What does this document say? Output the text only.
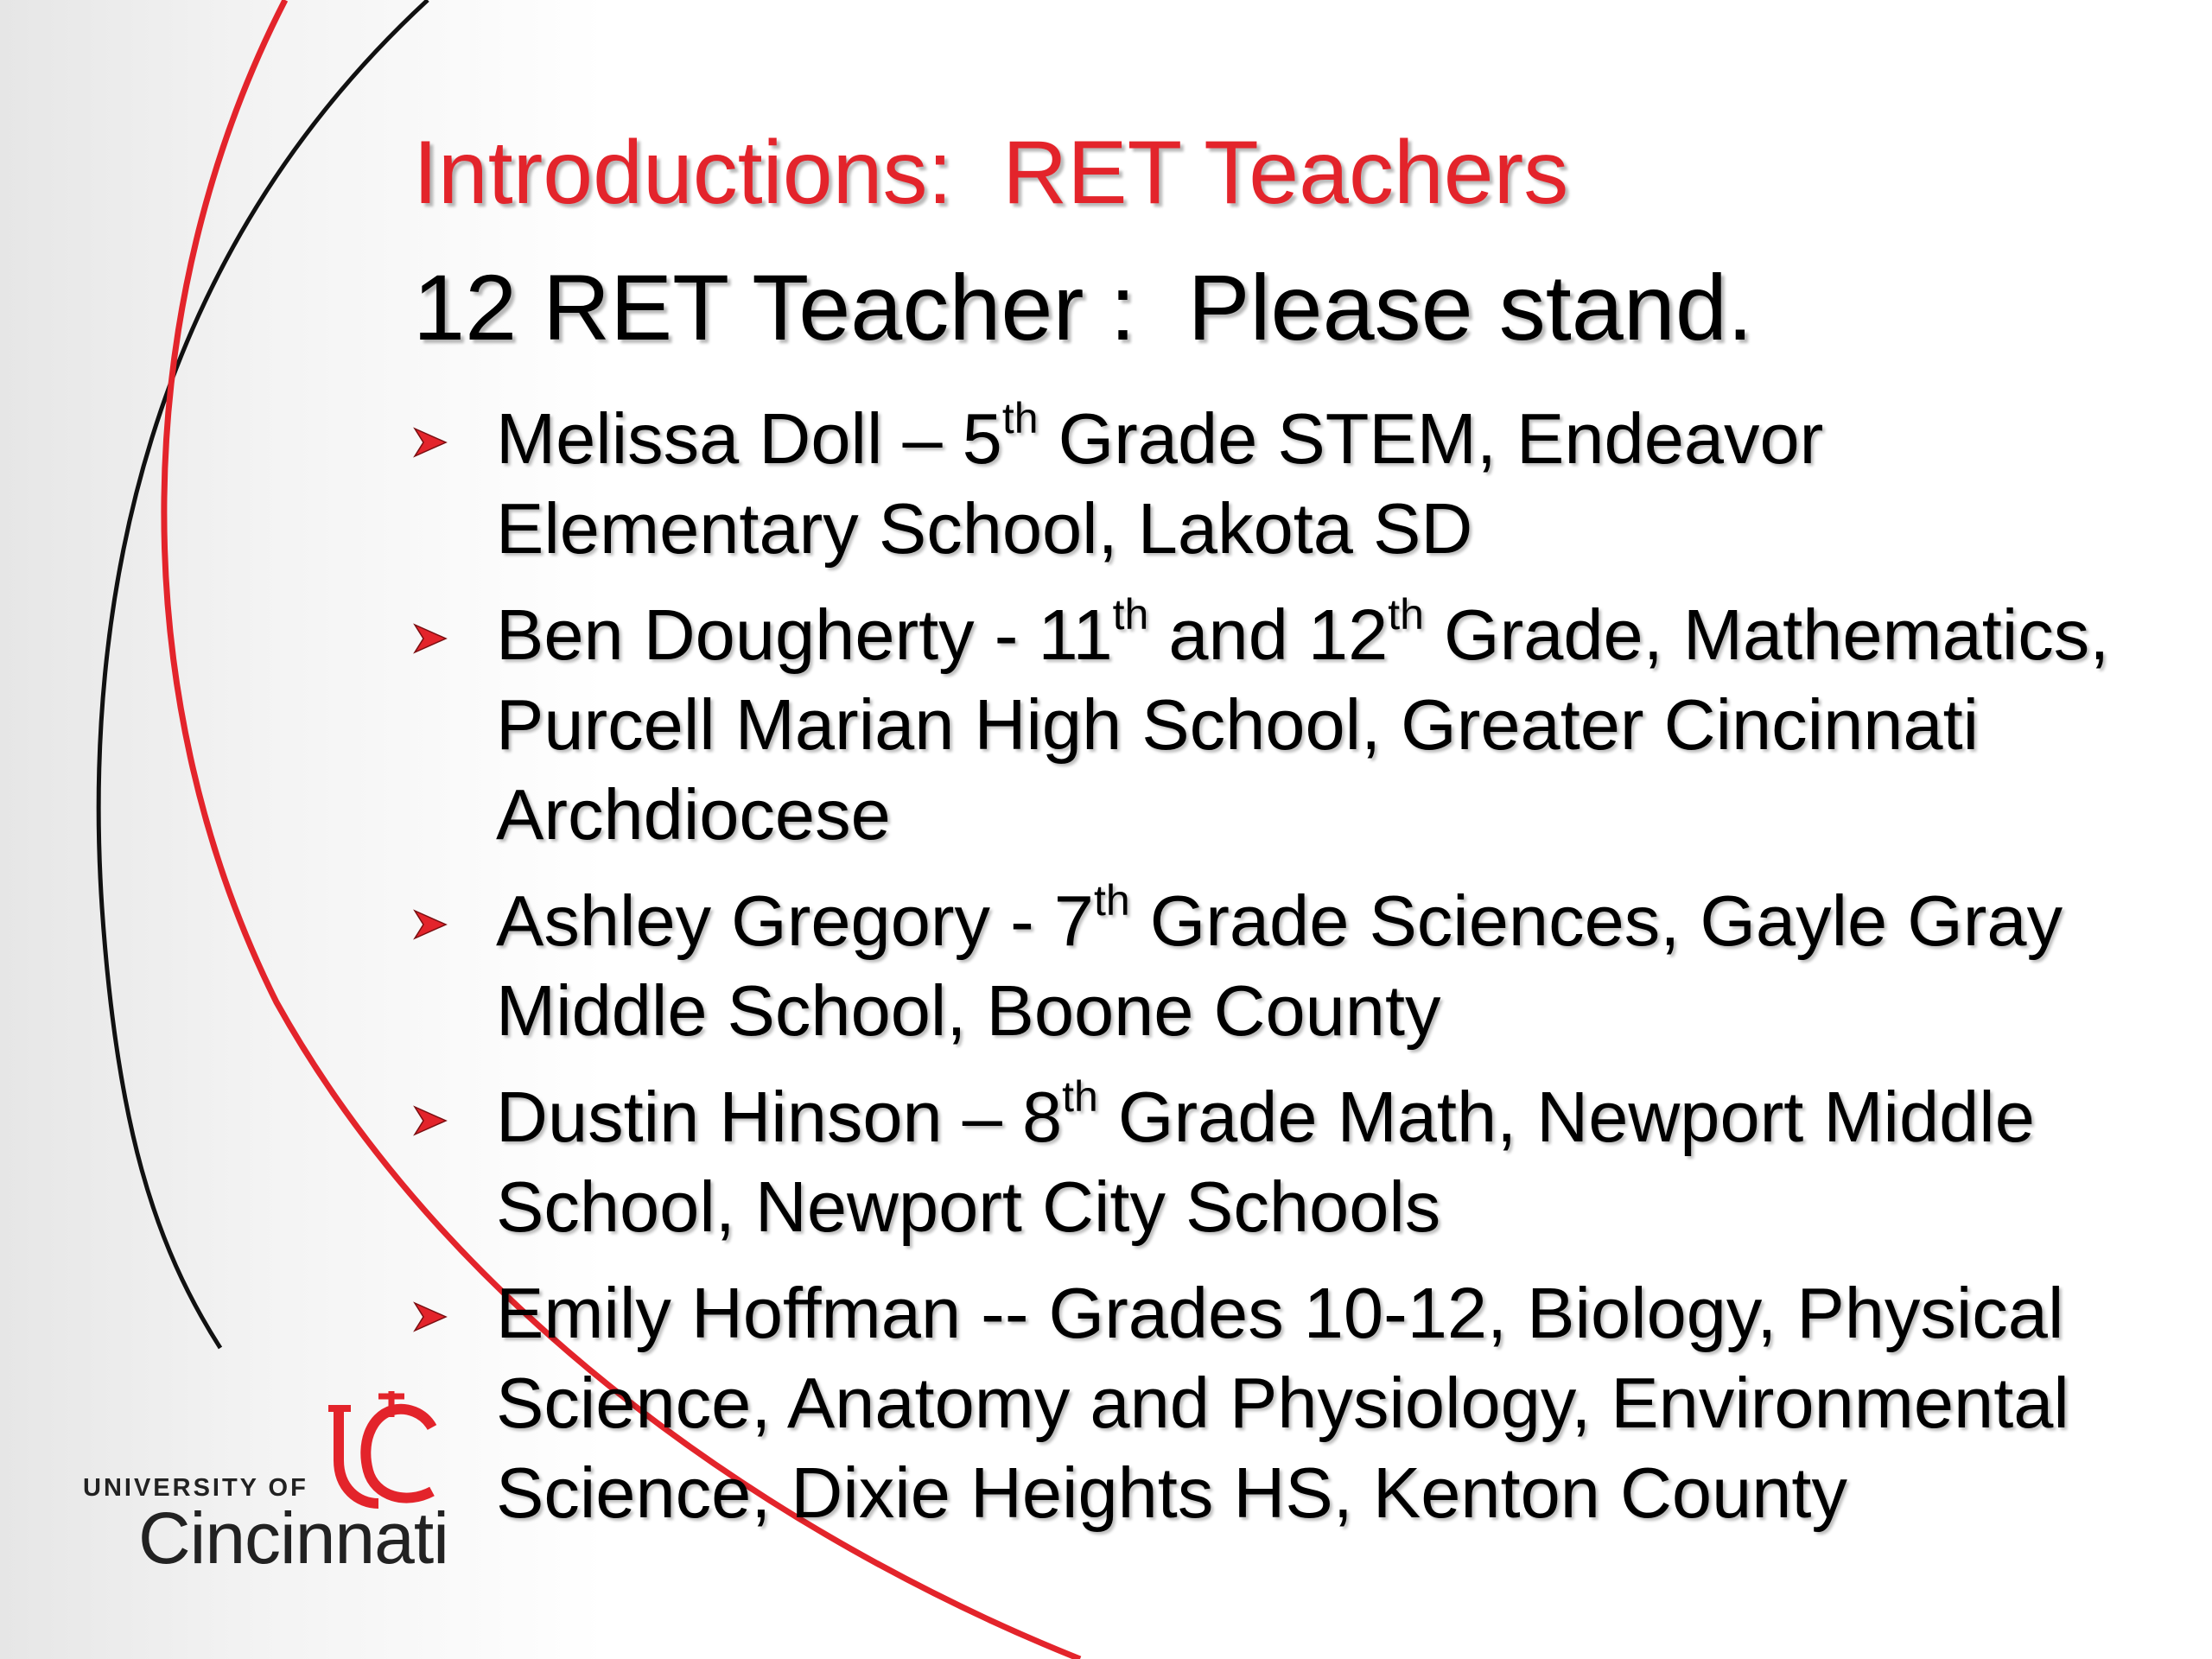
Introductions:  RET Teachers
12 RET Teacher :  Please stand.
Melissa Doll – 5th Grade STEM, Endeavor Elementary School, Lakota SD
Ben Dougherty - 11th and 12th Grade, Mathematics, Purcell Marian High School, Greater Cincinnati Archdiocese
Ashley Gregory - 7th Grade Sciences, Gayle Gray Middle School, Boone County
Dustin Hinson – 8th Grade Math, Newport Middle School, Newport City Schools
Emily Hoffman -- Grades 10-12, Biology, Physical Science, Anatomy and Physiology, Environmental Science, Dixie Heights HS, Kenton County
UNIVERSITY OF
Cincinnati
